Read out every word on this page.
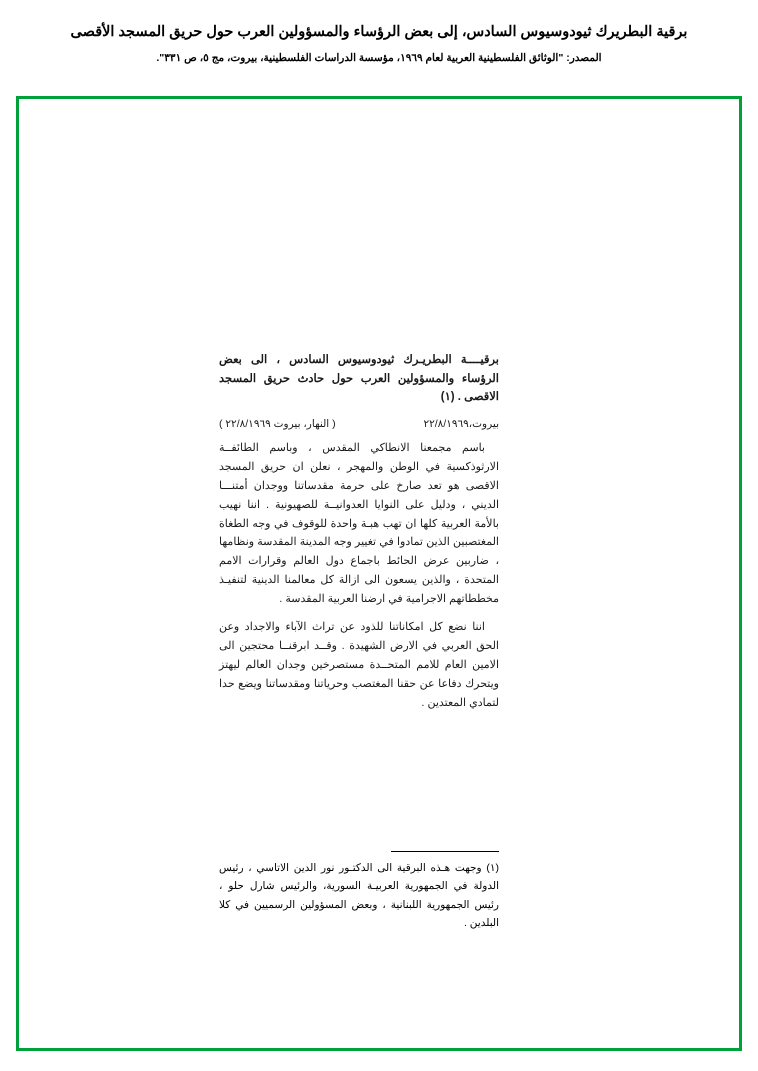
برقية البطريرك ثيودوسيوس السادس، إلى بعض الرؤساء والمسؤولين العرب حول حريق المسجد الأقصى
المصدر: "الوثائق الفلسطينية العربية لعام ١٩٦٩، مؤسسة الدراسات الفلسطينية، بيروت، مج ٥، ص ٣٣١".
برقيــــة البطريـرك ثيودوسيوس السادس ، الى بعض الرؤساء والمسؤولين العرب حول حادث حريق المسجد الاقصى . (١)
بيروت،٢٢/٨/١٩٦٩
( النهار، بيروت ٢٢/٨/١٩٦٩ )
باسم مجمعنا الانطاكي المقدس ، وباسم الطائفــة الارثوذكسية في الوطن والمهجر ، نعلن ان حريق المسجد الاقصى هو تعد صارخ على حرمة مقدساتنا ووجدان أمتنـــا الديني ، ودليل على النوايا العدوانيــة للصهيونية . اننا نهيب بالأمة العربية كلها ان تهب هبـة واحدة للوقوف في وجه الطغاة المغتصبين الذين تمادوا في تغيير وجه المدينة المقدسة ونظامها ، ضاربين عرض الحائط باجماع دول العالم وقرارات الامم المتحدة ، والذين يسعون الى ازالة كل معالمنا الدينية لتنفيـذ مخططاتهم الاجرامية في ارضنا العربية المقدسة .
اننا نضع كل امكاناتنا للذود عن تراث الآباء والاجداد وعن الحق العربي في الارض الشهيدة . وقــد ابرقنــا محتجين الى الامين العام للامم المتحــدة مستصرخين وجدان العالم ليهتز ويتحرك دفاعا عن حقنا المغتصب وحرياتنا ومقدساتنا ويضع حدا لتمادي المعتدين .
(١) وجهت هـذه البرقية الى الدكتـور نور الدين الاتاسي ، رئيس الدولة في الجمهورية العربيـة السورية، والرئيس شارل حلو ، رئيس الجمهورية اللبنانية ، وبعض المسؤولين الرسميين في كلا البلدين .
